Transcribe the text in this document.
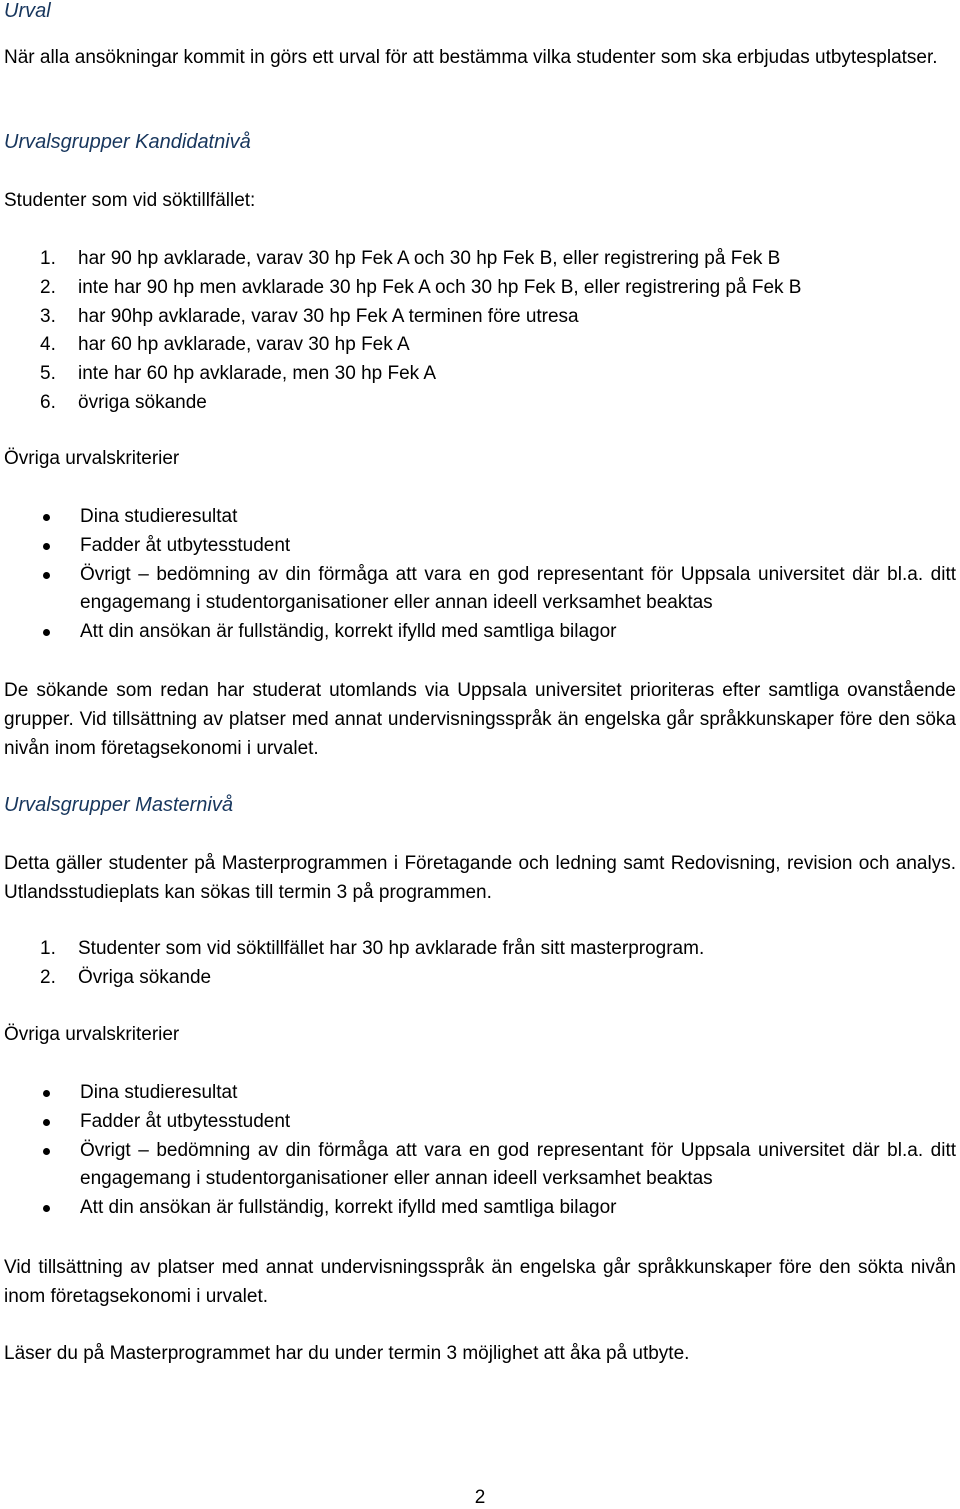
Urval
När alla ansökningar kommit in görs ett urval för att bestämma vilka studenter som ska erbjudas utbytesplatser.
Urvalsgrupper Kandidatnivå
Studenter som vid söktillfället:
1. har 90 hp avklarade, varav 30 hp Fek A och 30 hp Fek B, eller registrering på Fek B
2. inte har 90 hp men avklarade 30 hp Fek A och 30 hp Fek B, eller registrering på Fek B
3. har 90hp avklarade, varav 30 hp Fek A terminen före utresa
4. har 60 hp avklarade, varav 30 hp Fek A
5. inte har 60 hp avklarade, men 30 hp Fek A
6. övriga sökande
Övriga urvalskriterier
Dina studieresultat
Fadder åt utbytesstudent
Övrigt – bedömning av din förmåga att vara en god representant för Uppsala universitet där bl.a. ditt engagemang i studentorganisationer eller annan ideell verksamhet beaktas
Att din ansökan är fullständig, korrekt ifylld med samtliga bilagor
De sökande som redan har studerat utomlands via Uppsala universitet prioriteras efter samtliga ovanstående grupper. Vid tillsättning av platser med annat undervisningsspråk än engelska går språkkunskaper före den söka nivån inom företagsekonomi i urvalet.
Urvalsgrupper Masternivå
Detta gäller studenter på Masterprogrammen i Företagande och ledning samt Redovisning, revision och analys. Utlandsstudieplats kan sökas till termin 3 på programmen.
1. Studenter som vid söktillfället har 30 hp avklarade från sitt masterprogram.
2. Övriga sökande
Övriga urvalskriterier
Dina studieresultat
Fadder åt utbytesstudent
Övrigt – bedömning av din förmåga att vara en god representant för Uppsala universitet där bl.a. ditt engagemang i studentorganisationer eller annan ideell verksamhet beaktas
Att din ansökan är fullständig, korrekt ifylld med samtliga bilagor
Vid tillsättning av platser med annat undervisningsspråk än engelska går språkkunskaper före den sökta nivån inom företagsekonomi i urvalet.
Läser du på Masterprogrammet har du under termin 3 möjlighet att åka på utbyte.
2
